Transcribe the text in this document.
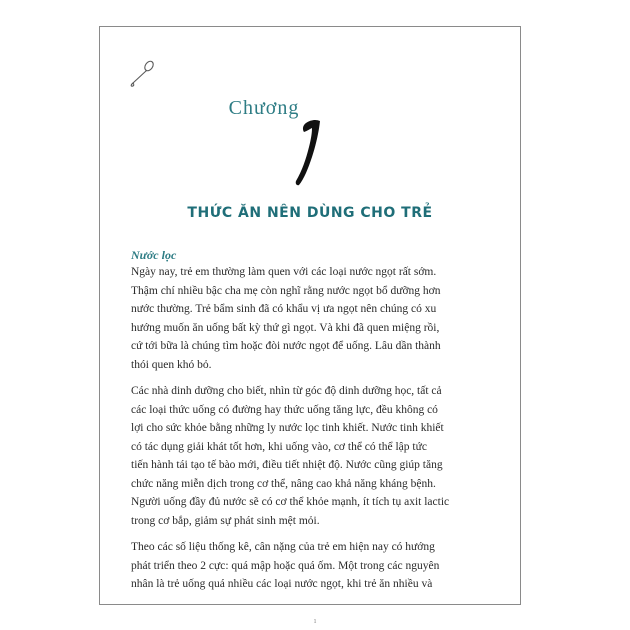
Chương
1
THỨC ĂN NÊN DÙNG CHO TRẺ
Nước lọc
Ngày nay, trẻ em thường làm quen với các loại nước ngọt rất sớm.
Thậm chí nhiều bậc cha mẹ còn nghĩ rằng nước ngọt bổ dưỡng hơn
nước thường. Trẻ bẩm sinh đã có khẩu vị ưa ngọt nên chúng có xu
hướng muốn ăn uống bất kỳ thứ gì ngọt. Và khi đã quen miệng rồi,
cứ tới bữa là chúng tìm hoặc đòi nước ngọt để uống. Lâu dần thành
thói quen khó bỏ.
Các nhà dinh dưỡng cho biết, nhìn từ góc độ dinh dưỡng học, tất cả
các loại thức uống có đường hay thức uống tăng lực, đều không có
lợi cho sức khỏe bằng những ly nước lọc tinh khiết. Nước tinh khiết
có tác dụng giải khát tốt hơn, khi uống vào, cơ thể có thể lập tức
tiến hành tái tạo tế bào mới, điều tiết nhiệt độ. Nước cũng giúp tăng
chức năng miễn dịch trong cơ thể, nâng cao khả năng kháng bệnh.
Người uống đầy đủ nước sẽ có cơ thể khỏe mạnh, ít tích tụ axit lactic
trong cơ bắp, giảm sự phát sinh mệt mỏi.
Theo các số liệu thống kê, cân nặng của trẻ em hiện nay có hướng
phát triển theo 2 cực: quá mập hoặc quá ốm. Một trong các nguyên
nhân là trẻ uống quá nhiều các loại nước ngọt, khi trẻ ăn nhiều và
1
